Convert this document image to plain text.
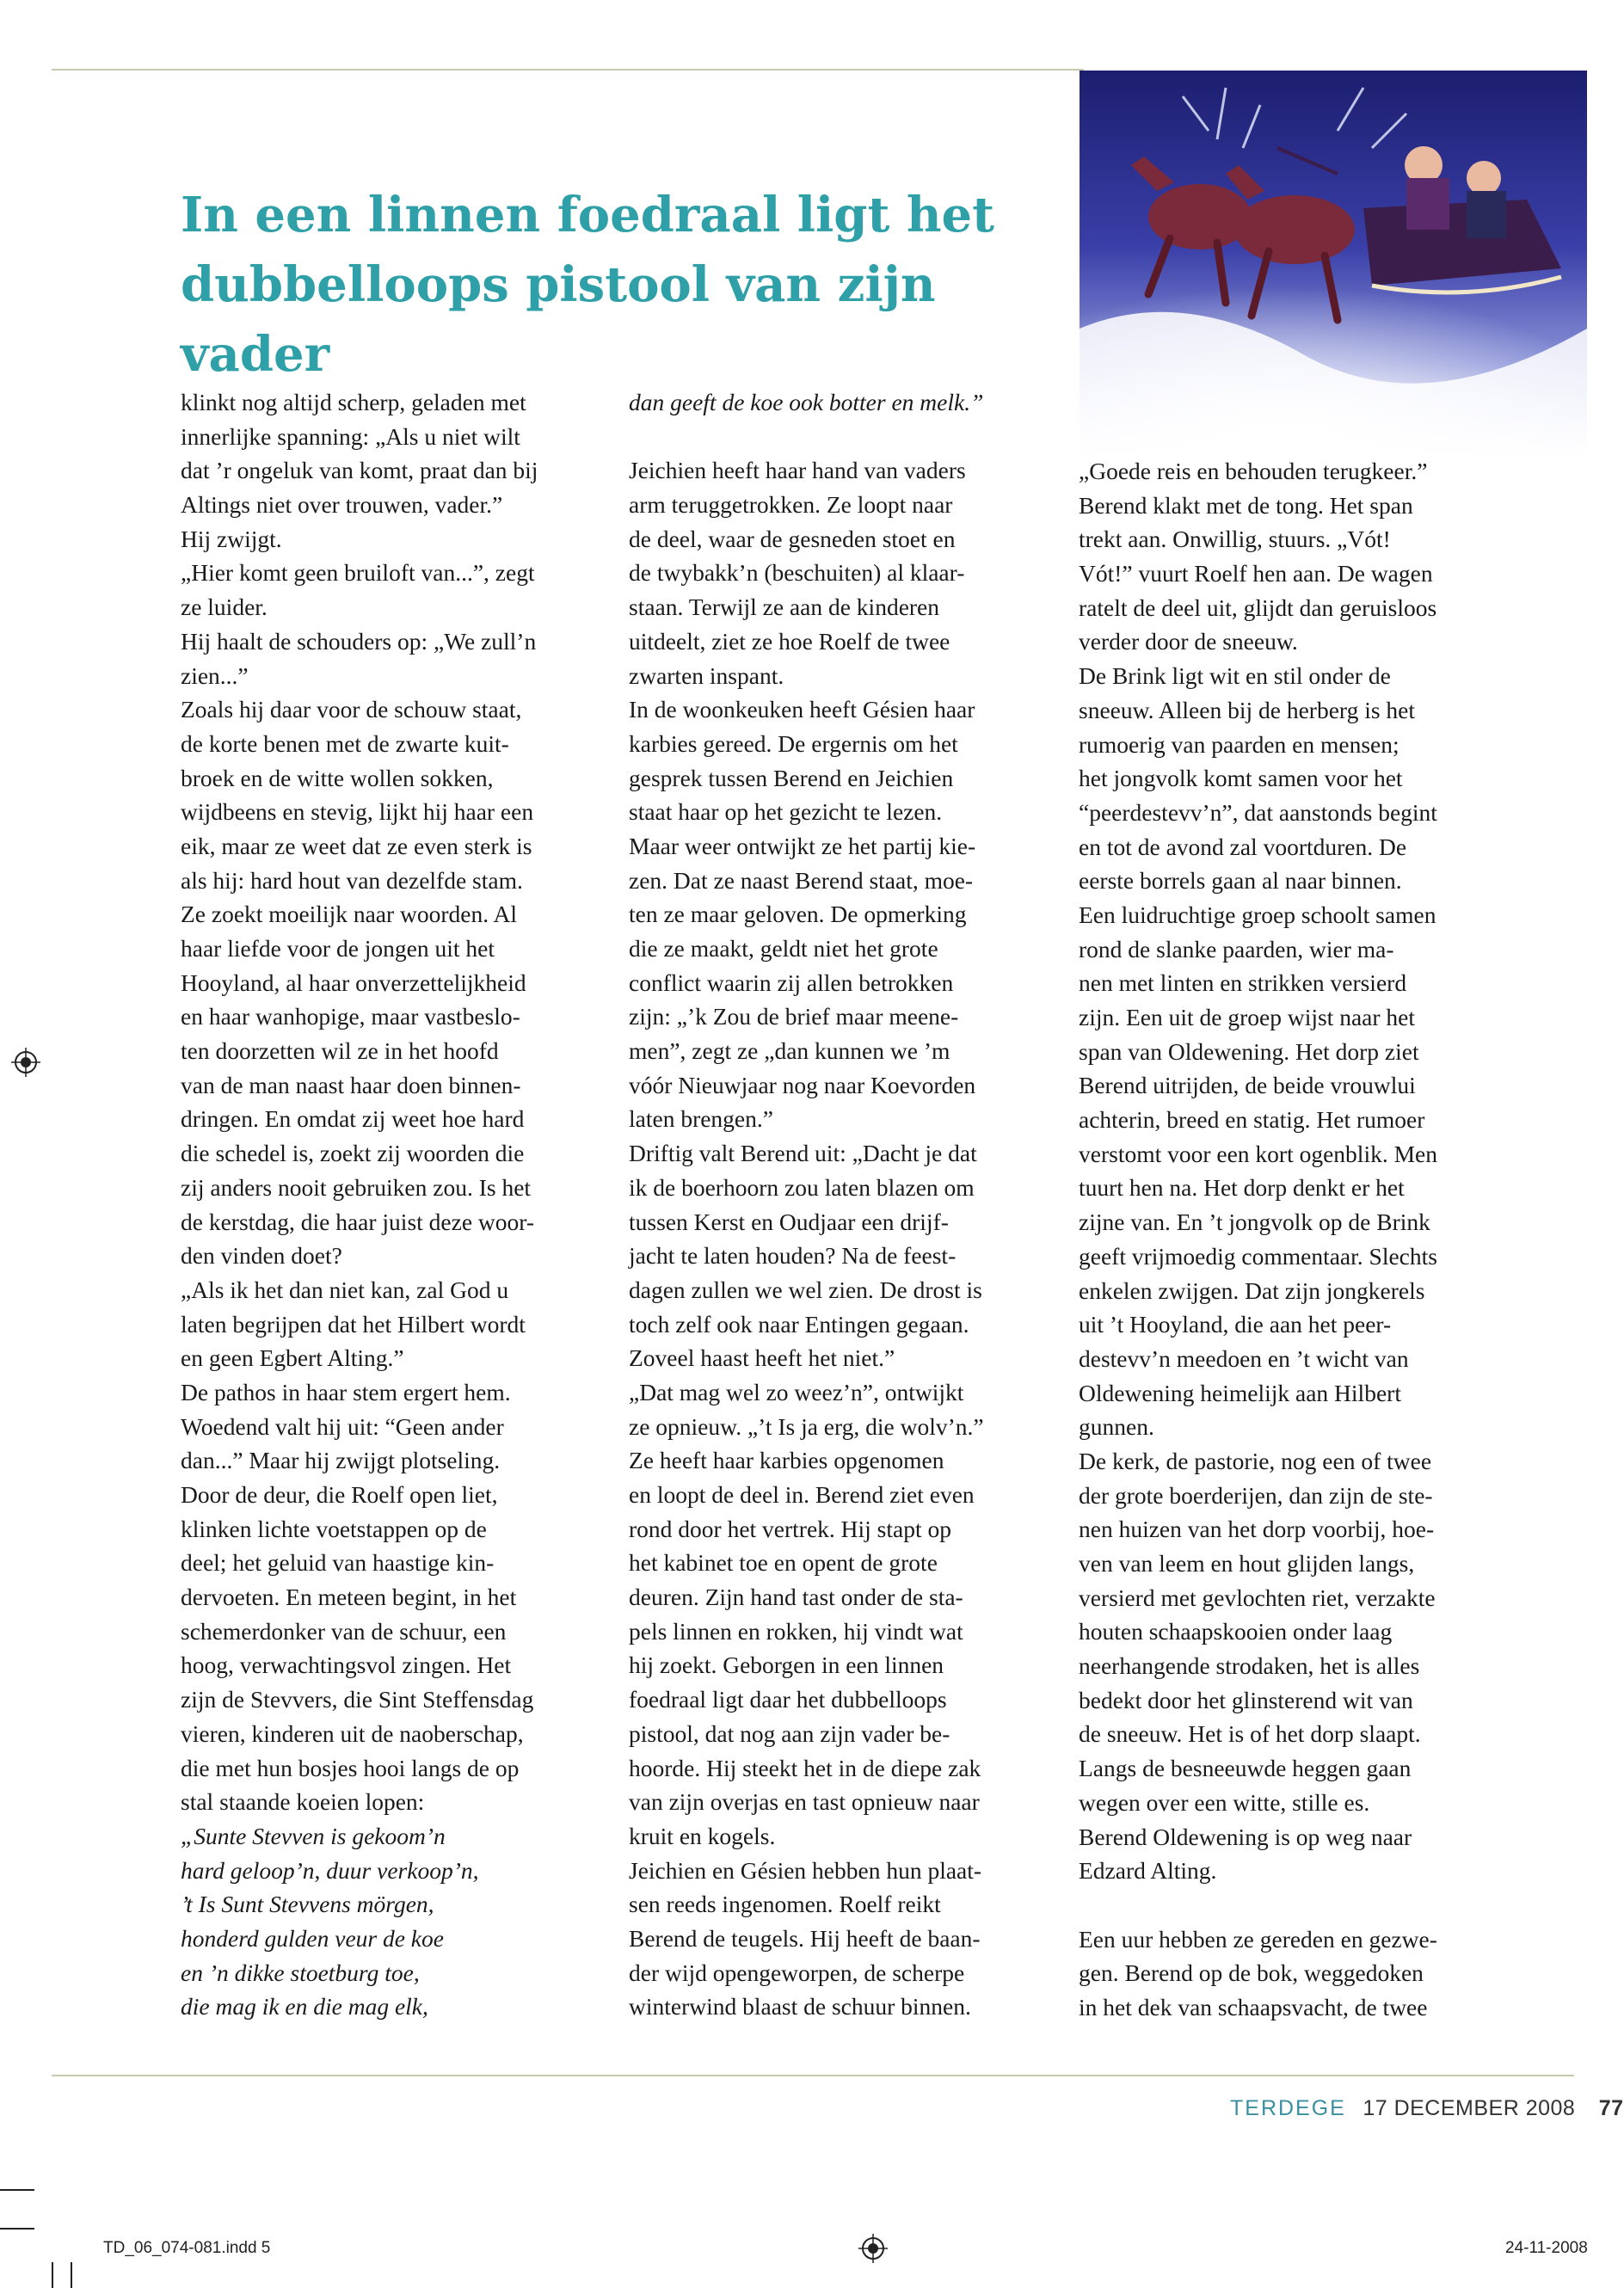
In een linnen foedraal ligt het
dubbelloops pistool van zijn vader
klinkt nog altijd scherp, geladen met
innerlijke spanning: „Als u niet wilt
dat ’r ongeluk van komt, praat dan bij
Altings niet over trouwen, vader.”
Hij zwijgt.
„Hier komt geen bruiloft van...”, zegt
ze luider.
Hij haalt de schouders op: „We zull’n
zien...”
Zoals hij daar voor de schouw staat,
de korte benen met de zwarte kuit-
broek en de witte wollen sokken,
wijdbeens en stevig, lijkt hij haar een
eik, maar ze weet dat ze even sterk is
als hij: hard hout van dezelfde stam.
Ze zoekt moeilijk naar woorden. Al
haar liefde voor de jongen uit het
Hooyland, al haar onverzettelijkheid
en haar wanhopige, maar vastbeslo-
ten doorzetten wil ze in het hoofd
van de man naast haar doen binnen-
dringen. En omdat zij weet hoe hard
die schedel is, zoekt zij woorden die
zij anders nooit gebruiken zou. Is het
de kerstdag, die haar juist deze woor-
den vinden doet?
„Als ik het dan niet kan, zal God u
laten begrijpen dat het Hilbert wordt
en geen Egbert Alting.”
De pathos in haar stem ergert hem.
Woedend valt hij uit: “Geen ander
dan...” Maar hij zwijgt plotseling.
Door de deur, die Roelf open liet,
klinken lichte voetstappen op de
deel; het geluid van haastige kin-
dervoeten. En meteen begint, in het
schemerdonker van de schuur, een
hoog, verwachtingsvol zingen. Het
zijn de Stevvers, die Sint Steffensdag
vieren, kinderen uit de naoberschap,
die met hun bosjes hooi langs de op
stal staande koeien lopen:
„Sunte Stevven is gekoom’n
hard geloop’n, duur verkoop’n,
’t Is Sunt Stevvens mörgen,
honderd gulden veur de koe
en ’n dikke stoetburg toe,
die mag ik en die mag elk,
dan geeft de koe ook botter en melk.”
Jeichien heeft haar hand van vaders
arm teruggetrokken. Ze loopt naar
de deel, waar de gesneden stoet en
de twybakk’n (beschuiten) al klaar-
staan. Terwijl ze aan de kinderen
uitdeelt, ziet ze hoe Roelf de twee
zwarten inspant.
In de woonkeuken heeft Gésien haar
karbies gereed. De ergernis om het
gesprek tussen Berend en Jeichien
staat haar op het gezicht te lezen.
Maar weer ontwijkt ze het partij kie-
zen. Dat ze naast Berend staat, moe-
ten ze maar geloven. De opmerking
die ze maakt, geldt niet het grote
conflict waarin zij allen betrokken
zijn: „’k Zou de brief maar meene-
men”, zegt ze „dan kunnen we ’m
vóór Nieuwjaar nog naar Koevorden
laten brengen.”
Driftig valt Berend uit: „Dacht je dat
ik de boerhoorn zou laten blazen om
tussen Kerst en Oudjaar een drijf-
jacht te laten houden? Na de feest-
dagen zullen we wel zien. De drost is
toch zelf ook naar Entingen gegaan.
Zoveel haast heeft het niet.”
„Dat mag wel zo weez’n”, ontwijkt
ze opnieuw. „’t Is ja erg, die wolv’n.”
Ze heeft haar karbies opgenomen
en loopt de deel in. Berend ziet even
rond door het vertrek. Hij stapt op
het kabinet toe en opent de grote
deuren. Zijn hand tast onder de sta-
pels linnen en rokken, hij vindt wat
hij zoekt. Geborgen in een linnen
foedraal ligt daar het dubbelloops
pistool, dat nog aan zijn vader be-
hoorde. Hij steekt het in de diepe zak
van zijn overjas en tast opnieuw naar
kruit en kogels.
Jeichien en Gésien hebben hun plaat-
sen reeds ingenomen. Roelf reikt
Berend de teugels. Hij heeft de baan-
der wijd opengeworpen, de scherpe
winterwind blaast de schuur binnen.
„Goede reis en behouden terugkeer.”
Berend klakt met de tong. Het span
trekt aan. Onwillig, stuurs. „Vót!
Vót!” vuurt Roelf hen aan. De wagen
ratelt de deel uit, glijdt dan geruisloos
verder door de sneeuw.
De Brink ligt wit en stil onder de
sneeuw. Alleen bij de herberg is het
rumoerig van paarden en mensen;
het jongvolk komt samen voor het
“peerdestevv’n”, dat aanstonds begint
en tot de avond zal voortduren. De
eerste borrels gaan al naar binnen.
Een luidruchtige groep schoolt samen
rond de slanke paarden, wier ma-
nen met linten en strikken versierd
zijn. Een uit de groep wijst naar het
span van Oldewening. Het dorp ziet
Berend uitrijden, de beide vrouwlui
achterin, breed en statig. Het rumoer
verstomt voor een kort ogenblik. Men
tuurt hen na. Het dorp denkt er het
zijne van. En ’t jongvolk op de Brink
geeft vrijmoedig commentaar. Slechts
enkelen zwijgen. Dat zijn jongkerels
uit ’t Hooyland, die aan het peer-
destevv’n meedoen en ’t wicht van
Oldewening heimelijk aan Hilbert
gunnen.
De kerk, de pastorie, nog een of twee
der grote boerderijen, dan zijn de ste-
nen huizen van het dorp voorbij, hoe-
ven van leem en hout glijden langs,
versierd met gevlochten riet, verzakte
houten schaapskooien onder laag
neerhangende strodaken, het is alles
bedekt door het glinsterend wit van
de sneeuw. Het is of het dorp slaapt.
Langs de besneeuwde heggen gaan
wegen over een witte, stille es.
Berend Oldewening is op weg naar
Edzard Alting.
Een uur hebben ze gereden en gezwe-
gen. Berend op de bok, weggedoken
in het dek van schaapsvacht, de twee
TERDEGE 17 DECEMBER 2008 77
TD_06_074-081.indd 5	24-11-2008
